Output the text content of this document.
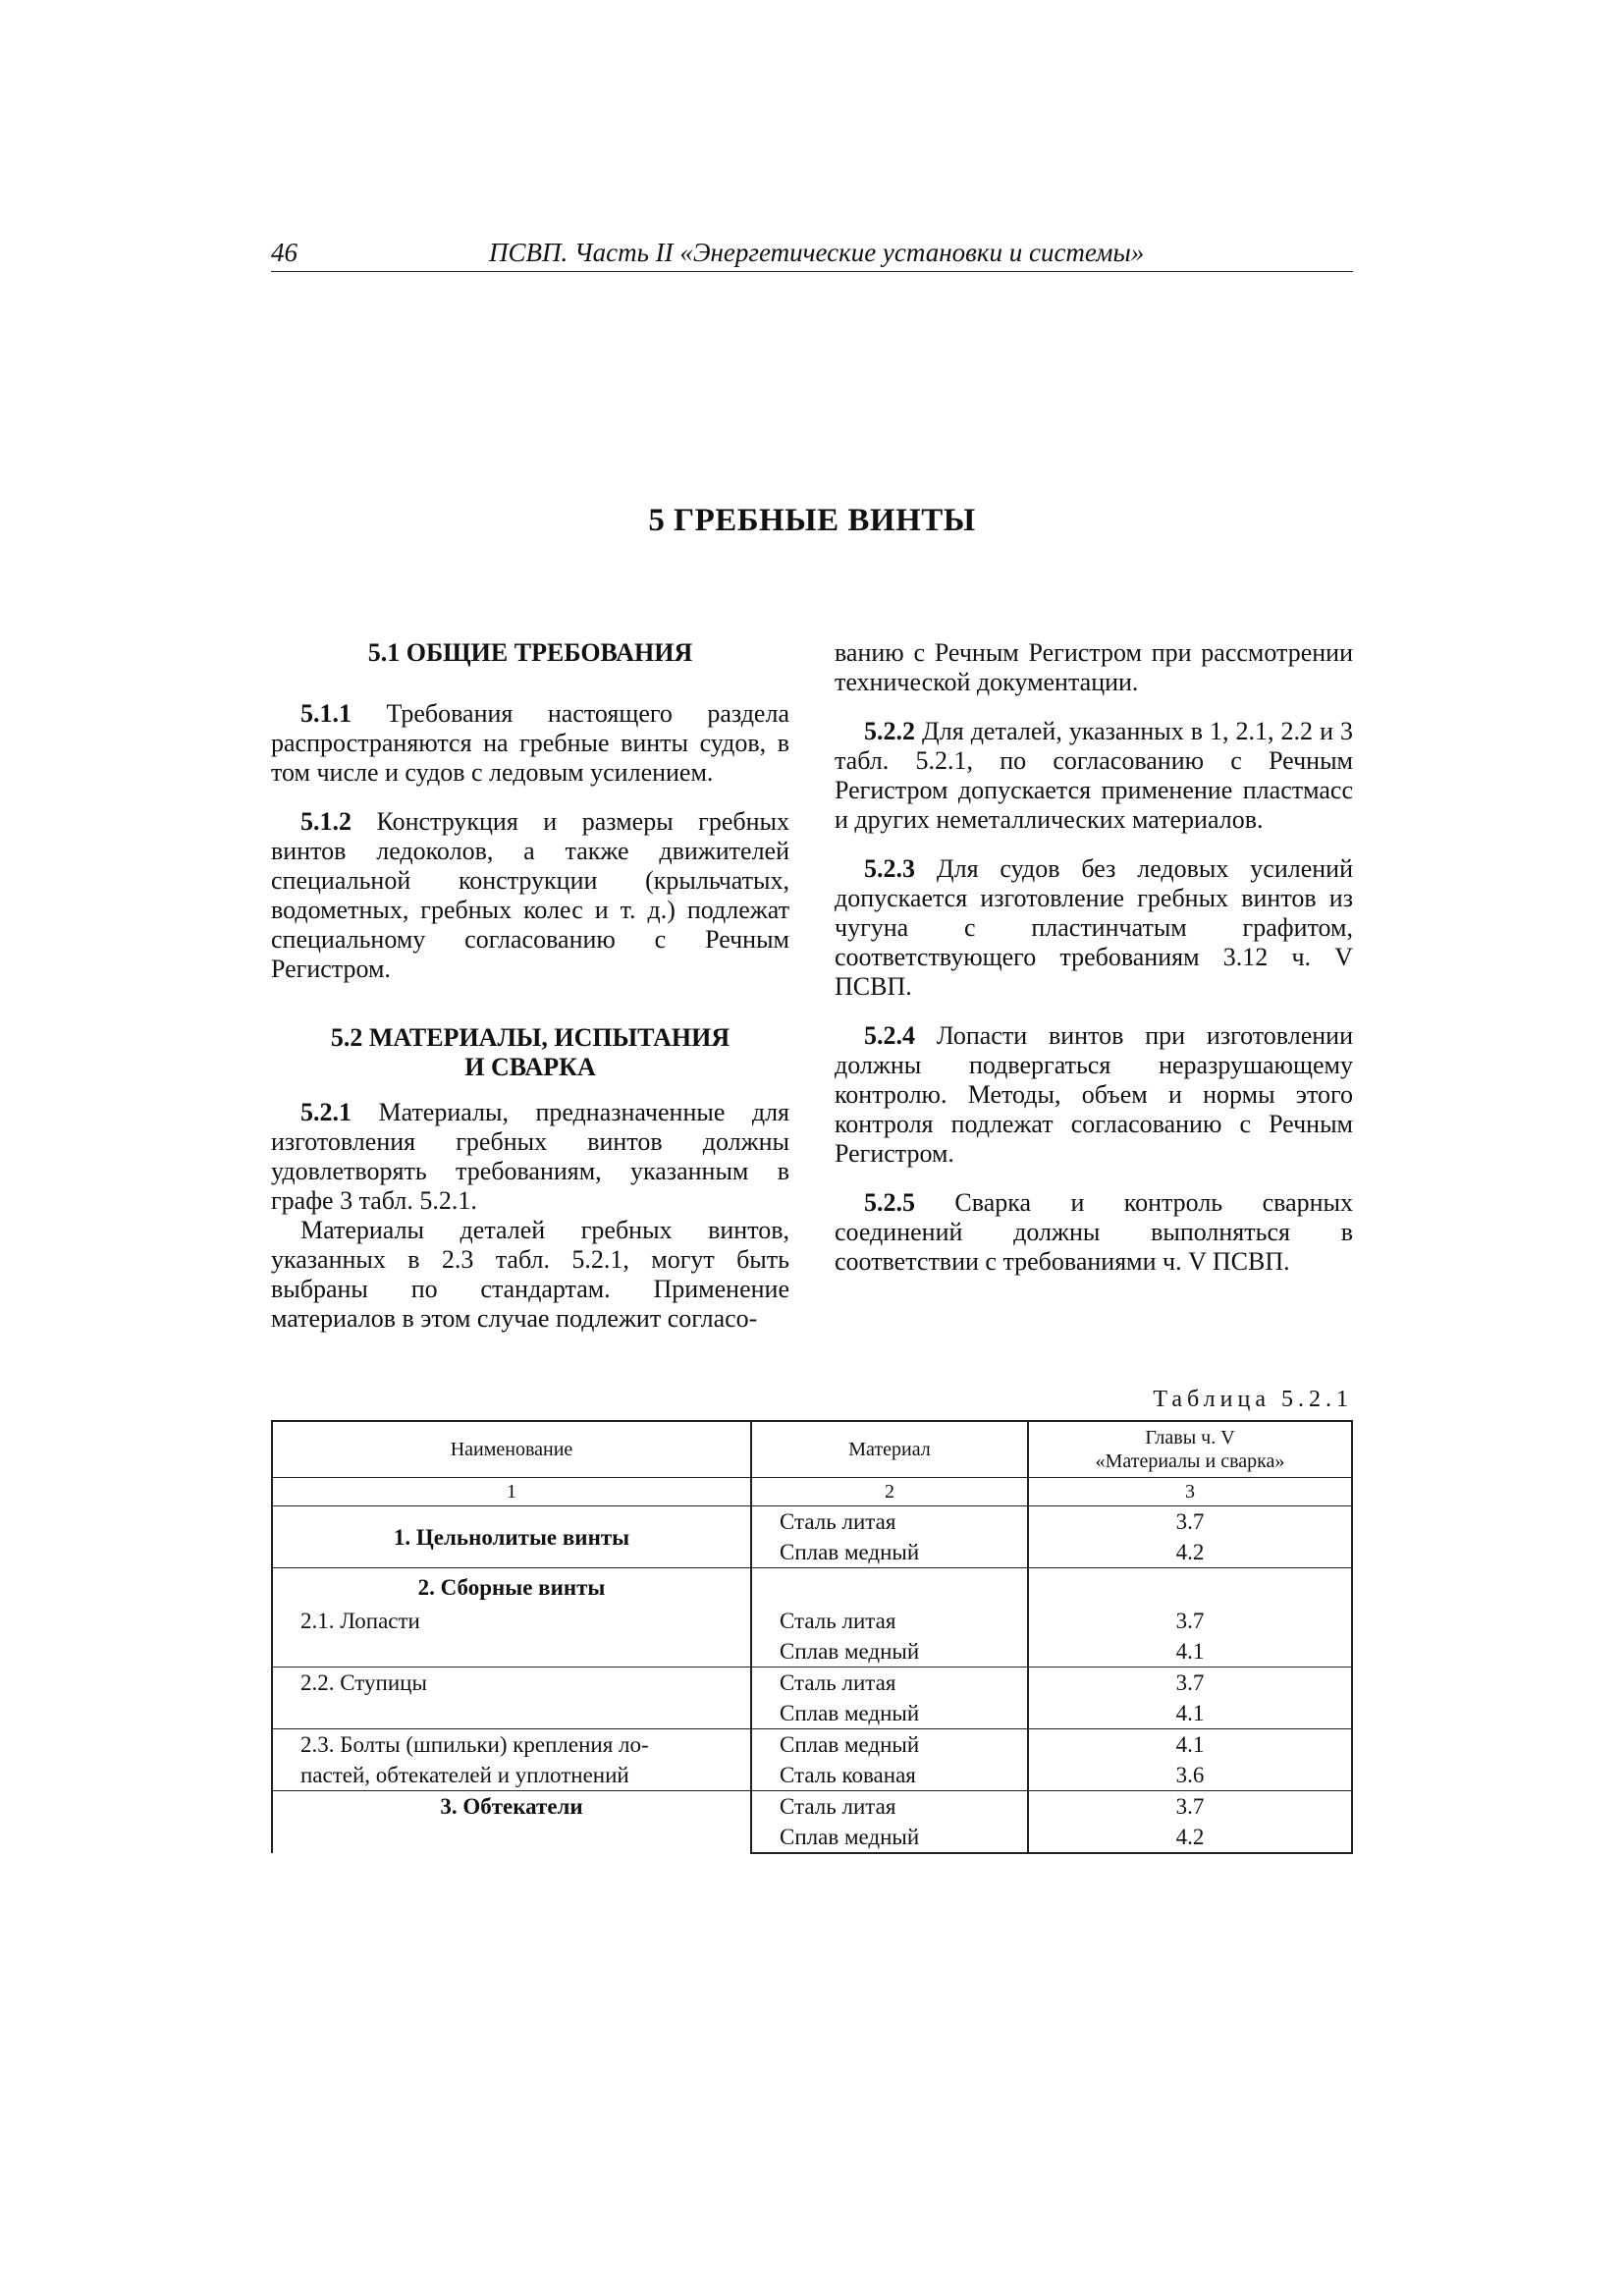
46	ПСВП. Часть II «Энергетические установки и системы»
5 ГРЕБНЫЕ ВИНТЫ
5.1 ОБЩИЕ ТРЕБОВАНИЯ

5.1.1 Требования настоящего раздела распространяются на гребные винты судов, в том числе и судов с ледовым усилением.

5.1.2 Конструкция и размеры гребных винтов ледоколов, а также движителей специальной конструкции (крыльчатых, водометных, гребных колес и т. д.) подлежат специальному согласованию с Речным Регистром.

5.2 МАТЕРИАЛЫ, ИСПЫТАНИЯ
И СВАРКА

5.2.1 Материалы, предназначенные для изготовления гребных винтов должны удовлетворять требованиям, указанным в графе 3 табл. 5.2.1.

Материалы деталей гребных винтов, указанных в 2.3 табл. 5.2.1, могут быть выбраны по стандартам. Применение материалов в этом случае подлежит согласо-

ванию с Речным Регистром при рассмотрении технической документации.

5.2.2 Для деталей, указанных в 1, 2.1, 2.2 и 3 табл. 5.2.1, по согласованию с Речным Регистром допускается применение пластмасс и других неметаллических материалов.

5.2.3 Для судов без ледовых усилений допускается изготовление гребных винтов из чугуна с пластинчатым графитом, соответствующего требованиям 3.12 ч. V ПСВП.

5.2.4 Лопасти винтов при изготовлении должны подвергаться неразрушающему контролю. Методы, объем и нормы этого контроля подлежат согласованию с Речным Регистром.

5.2.5 Сварка и контроль сварных соединений должны выполняться в соответствии с требованиями ч. V ПСВП.

Таблица 5.2.1
Наименование	Материал	Главы ч. V
«Материалы и сварка»
1	2	3
1. Цельнолитые винты	Сталь литая	3.7
	Сплав медный	4.2
2. Сборные винты		
2.1. Лопасти	Сталь литая	3.7
	Сплав медный	4.1
2.2. Ступицы	Сталь литая	3.7
	Сплав медный	4.1
2.3. Болты (шпильки) крепления ло-	Сплав медный	4.1
пастей, обтекателей и уплотнений	Сталь кованая	3.6
3. Обтекатели	Сталь литая	3.7
	Сплав медный	4.2
